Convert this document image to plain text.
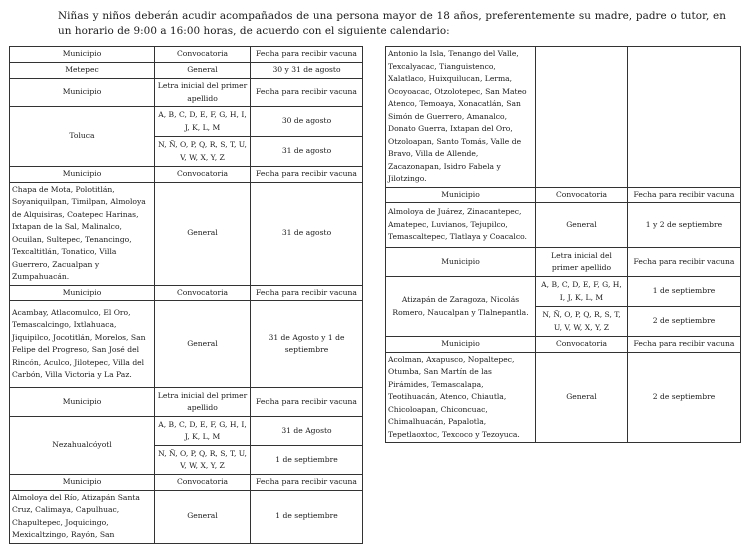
Niñas y niños deberán acudir acompañados de una persona mayor de 18 años, preferentemente su madre, padre o tutor, en un horario de 9:00 a 16:00 horas, de acuerdo con el siguiente calendario:
Municipio	Convocatoria	Fecha para recibir vacuna
Metepec	General	30 y 31 de agosto
Municipio	Letra inicial del primer apellido	Fecha para recibir vacuna
Toluca	A, B, C, D, E, F, G, H, I, J, K, L, M	30 de agosto
	N, Ñ, O, P, Q, R, S, T, U, V, W, X, Y, Z	31 de agosto
Municipio	Convocatoria	Fecha para recibir vacuna
Chapa de Mota, Polotitlán, Soyaniquilpan, Timilpan, Almoloya de Alquisiras, Coatepec Harinas, Ixtapan de la Sal, Malinalco, Ocuilan, Sultepec, Tenancingo, Texcaltitlán, Tonatico, Villa Guerrero, Zacualpan y Zumpahuacán.	General	31 de agosto
Municipio	Convocatoria	Fecha para recibir vacuna
Acambay, Atlacomulco, El Oro, Temascalcingo, Ixtlahuaca, Jiquipilco, Jocotitlán, Morelos, San Felipe del Progreso, San José del Rincón, Aculco, Jilotepec, Villa del Carbón, Villa Victoria y La Paz.	General	31 de Agosto y 1 de septiembre
Municipio	Letra inicial del primer apellido	Fecha para recibir vacuna
Nezahualcóyotl	A, B, C, D, E, F, G, H, I, J, K, L, M	31 de Agosto
	N, Ñ, O, P, Q, R, S, T, U, V, W, X, Y, Z	1 de septiembre
Municipio	Convocatoria	Fecha para recibir vacuna
Almoloya del Río, Atizapán Santa Cruz, Calimaya, Capulhuac, Chapultepec, Joquicingo, Mexicaltzingo, Rayón, San	General	1 de septiembre
Antonio la Isla, Tenango del Valle, Texcalyacac, Tianguistenco, Xalatlaco, Huixquilucan, Lerma, Ocoyoacac, Otzolotepec, San Mateo Atenco, Temoaya, Xonacatlán, San Simón de Guerrero, Amanalco, Donato Guerra, Ixtapan del Oro, Otzoloapan, Santo Tomás, Valle de Bravo, Villa de Allende, Zacazonapan, Isidro Fabela y Jilotzingo.		
Municipio	Convocatoria	Fecha para recibir vacuna
Almoloya de Juárez, Zinacantepec, Amatepec, Luvianos, Tejupilco, Temascaltepec, Tlatlaya y Coacalco.	General	1 y 2 de septiembre
Municipio	Letra inicial del primer apellido	Fecha para recibir vacuna
Atizapán de Zaragoza, Nicolás Romero, Naucalpan y Tlalnepantla.	A, B, C, D, E, F, G, H, I, J, K, L, M	1 de septiembre
	N, Ñ, O, P, Q, R, S, T, U, V, W, X, Y, Z	2 de septiembre
Municipio	Convocatoria	Fecha para recibir vacuna
Acolman, Axapusco, Nopaltepec, Otumba, San Martín de las Pirámides, Temascalapa, Teotihuacán, Atenco, Chiautla, Chicoloapan, Chiconcuac, Chimalhuacán, Papalotla, Tepetlaoxtoc, Texcoco y Tezoyuca.	General	2 de septiembre
